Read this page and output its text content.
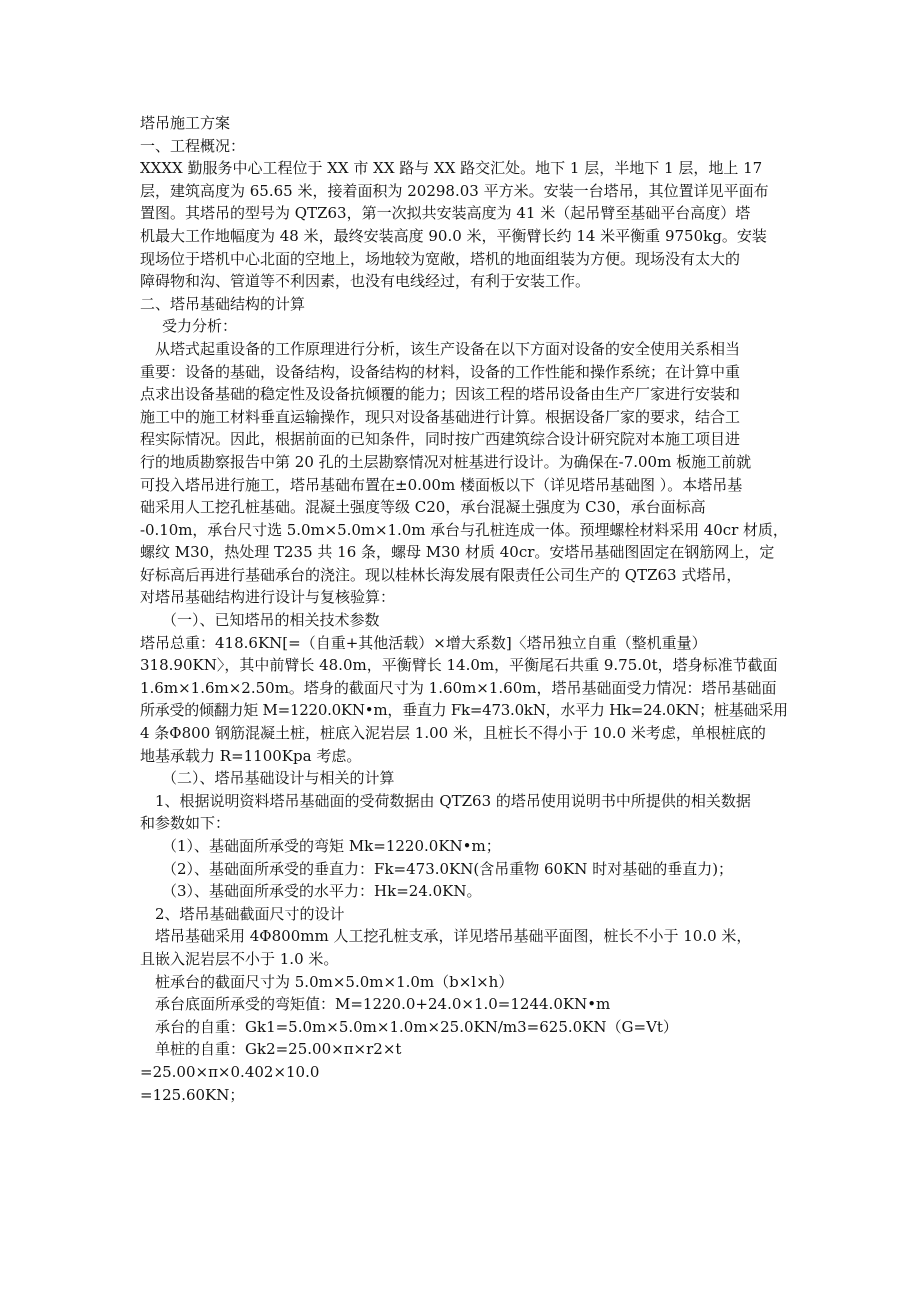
塔吊施工方案

一、工程概况：

XXXX 勤服务中心工程位于 XX 市 XX 路与 XX 路交汇处。地下 1 层，半地下 1 层，地上 17

层，建筑高度为 65.65 米，接着面积为 20298.03 平方米。安装一台塔吊，其位置详见平面布

置图。其塔吊的型号为 QTZ63，第一次拟共安装高度为 41 米（起吊臂至基础平台高度）塔

机最大工作地幅度为 48 米，最终安装高度 90.0 米，平衡臂长约 14 米平衡重 9750kg。安装

现场位于塔机中心北面的空地上，场地较为宽敞，塔机的地面组装为方便。现场没有太大的

障碍物和沟、管道等不利因素，也没有电线经过，有利于安装工作。

二、塔吊基础结构的计算

受力分析：

从塔式起重设备的工作原理进行分析，该生产设备在以下方面对设备的安全使用关系相当

重要：设备的基础，设备结构，设备结构的材料，设备的工作性能和操作系统；在计算中重

点求出设备基础的稳定性及设备抗倾覆的能力；因该工程的塔吊设备由生产厂家进行安装和

施工中的施工材料垂直运输操作，现只对设备基础进行计算。根据设备厂家的要求，结合工

程实际情况。因此，根据前面的已知条件，同时按广西建筑综合设计研究院对本施工项目进

行的地质勘察报告中第 20 孔的土层勘察情况对桩基进行设计。为确保在-7.00m 板施工前就

可投入塔吊进行施工，塔吊基础布置在±0.00m 楼面板以下（详见塔吊基础图 ）。本塔吊基

础采用人工挖孔桩基础。混凝土强度等级 C20，承台混凝土强度为 C30，承台面标高

-0.10m，承台尺寸选 5.0m×5.0m×1.0m 承台与孔桩连成一体。预埋螺栓材料采用 40cr 材质，

螺纹 M30，热处理 T235 共 16 条，螺母 M30 材质 40cr。安塔吊基础图固定在钢筋网上，定

好标高后再进行基础承台的浇注。现以桂林长海发展有限责任公司生产的 QTZ63 式塔吊，

对塔吊基础结构进行设计与复核验算：

（一）、已知塔吊的相关技术参数

塔吊总重：418.6KN[=（自重+其他活载）×增大系数]〈塔吊独立自重（整机重量）

318.90KN〉，其中前臂长 48.0m，平衡臂长 14.0m，平衡尾石共重 9.75.0t，塔身标准节截面

1.6m×1.6m×2.50m。塔身的截面尺寸为 1.60m×1.60m，塔吊基础面受力情况：塔吊基础面

所承受的倾翻力矩 M=1220.0KN•m，垂直力 Fk=473.0kN，水平力 Hk=24.0KN；桩基础采用

4 条Φ800 钢筋混凝土桩，桩底入泥岩层 1.00 米，且桩长不得小于 10.0 米考虑，单根桩底的

地基承载力 R=1100Kpa 考虑。

（二）、塔吊基础设计与相关的计算

1、根据说明资料塔吊基础面的受荷数据由 QTZ63 的塔吊使用说明书中所提供的相关数据

和参数如下：

（1）、基础面所承受的弯矩 Mk=1220.0KN•m；

（2）、基础面所承受的垂直力：Fk=473.0KN(含吊重物 60KN 时对基础的垂直力)；

（3）、基础面所承受的水平力：Hk=24.0KN。

2、塔吊基础截面尺寸的设计

塔吊基础采用 4Φ800mm 人工挖孔桩支承，详见塔吊基础平面图，桩长不小于 10.0 米，

且嵌入泥岩层不小于 1.0 米。

桩承台的截面尺寸为 5.0m×5.0m×1.0m（b×l×h）

承台底面所承受的弯矩值：M=1220.0+24.0×1.0=1244.0KN•m

承台的自重：Gk1=5.0m×5.0m×1.0m×25.0KN/m3=625.0KN（G=Vt）

单桩的自重：Gk2=25.00×π×r2×t

=25.00×π×0.402×10.0

=125.60KN；
